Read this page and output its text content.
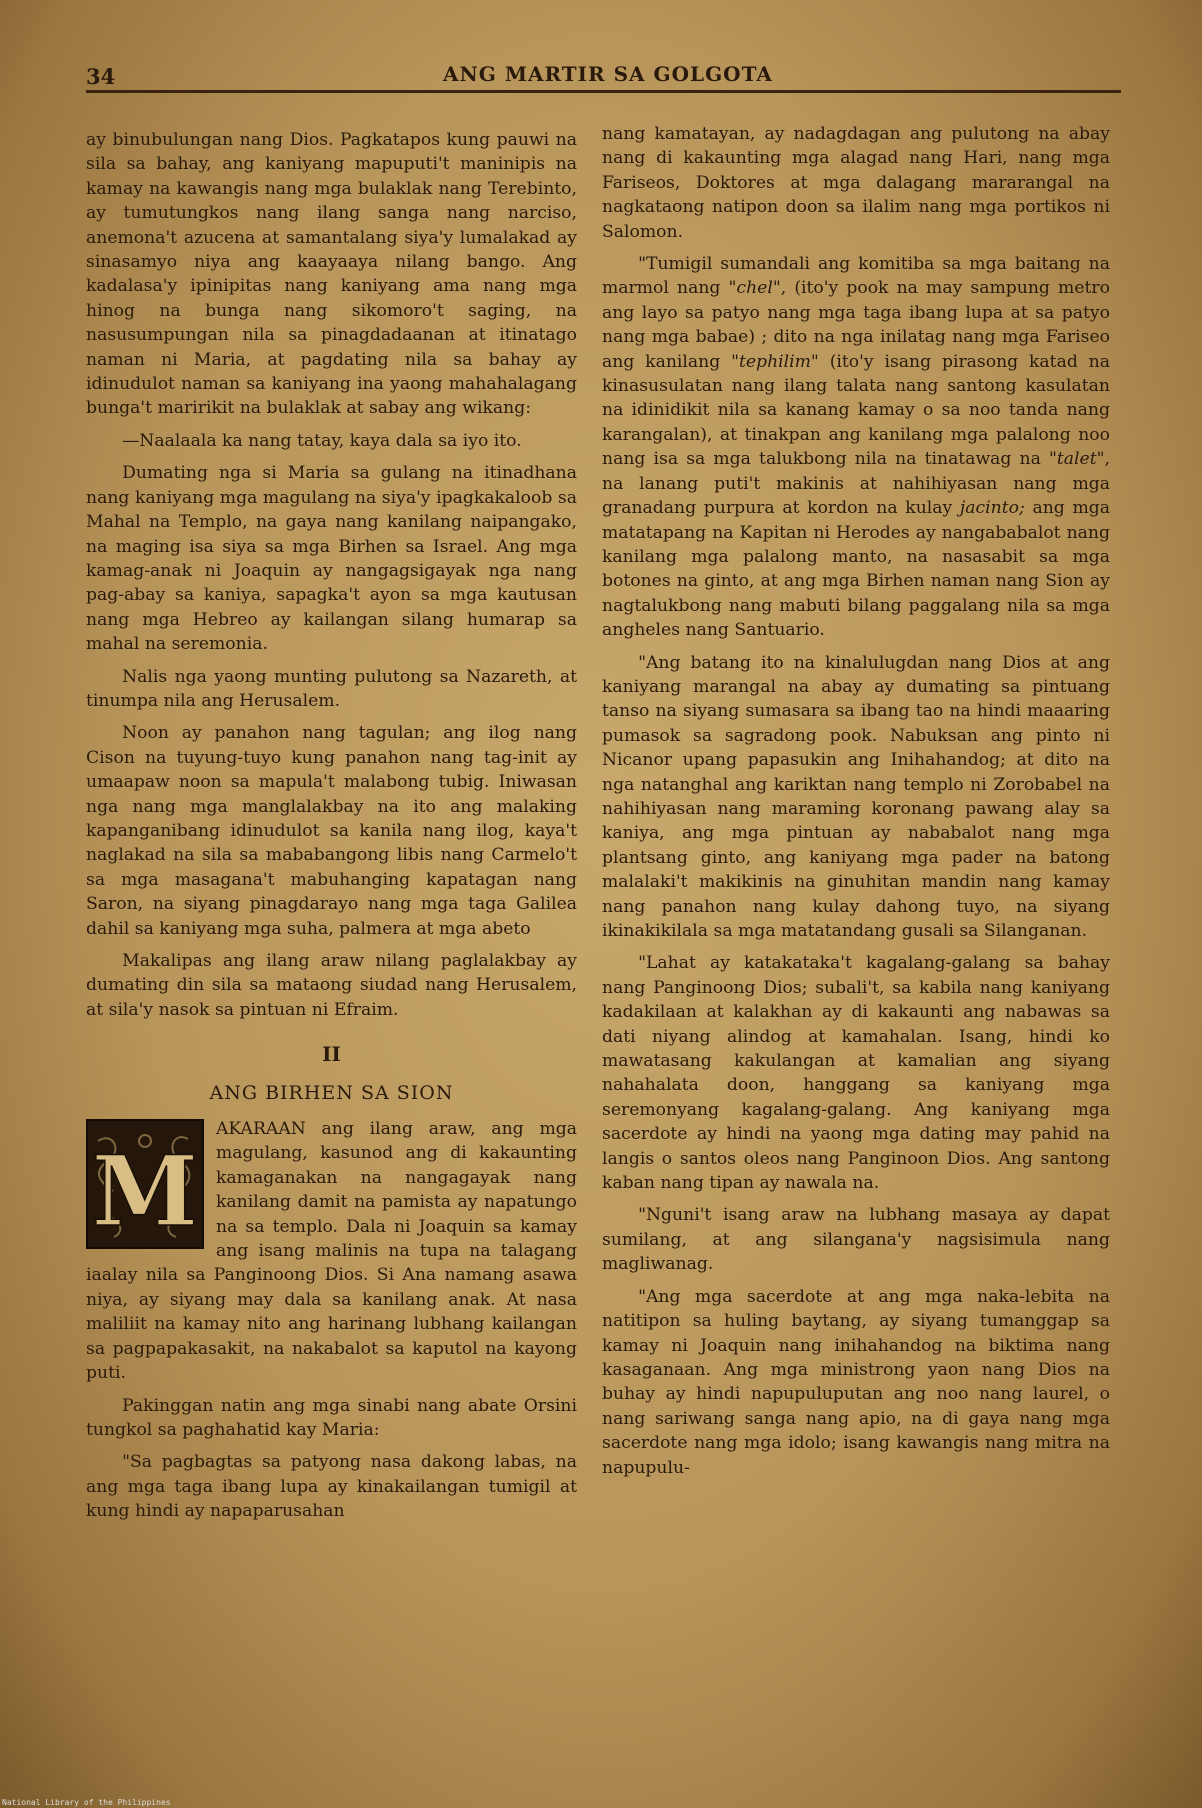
34	ANG MARTIR SA GOLGOTA

ay binubulungan nang Dios. Pagkatapos kung pauwi na sila sa bahay, ang kaniyang mapuputi't maninipis na kamay na kawangis nang mga bulaklak nang Terebinto, ay tumutungkos nang ilang sanga nang narciso, anemona't azucena at samantalang siya'y lumalakad ay sinasamyo niya ang kaayaaya nilang bango. Ang kadalasa'y ipinipitas nang kaniyang ama nang mga hinog na bunga nang sikomoro't saging, na nasusumpungan nila sa pinagdadaanan at itinatago naman ni Maria, at pagdating nila sa bahay ay idinudulot naman sa kaniyang ina yaong mahahalagang bunga't maririkit na bulaklak at sabay ang wikang:

—Naalaala ka nang tatay, kaya dala sa iyo ito.

Dumating nga si Maria sa gulang na itinadhana nang kaniyang mga magulang na siya'y ipagkakaloob sa Mahal na Templo, na gaya nang kanilang naipangako, na maging isa siya sa mga Birhen sa Israel. Ang mga kamag-anak ni Joaquin ay nangagsigayak nga nang pag-abay sa kaniya, sapagka't ayon sa mga kautusan nang mga Hebreo ay kailangan silang humarap sa mahal na seremonia.

Nalis nga yaong munting pulutong sa Nazareth, at tinumpa nila ang Herusalem.

Noon ay panahon nang tagulan; ang ilog nang Cison na tuyung-tuyo kung panahon nang tag-init ay umaapaw noon sa mapula't malabong tubig. Iniwasan nga nang mga manglalakbay na ito ang malaking kapanganibang idinudulot sa kanila nang ilog, kaya't naglakad na sila sa mababangong libis nang Carmelo't sa mga masagana't mabuhanging kapatagan nang Saron, na siyang pinagdarayo nang mga taga Galilea dahil sa kaniyang mga suha, palmera at mga abeto

Makalipas ang ilang araw nilang paglalakbay ay dumating din sila sa mataong siudad nang Herusalem, at sila'y nasok sa pintuan ni Efraim.

II
ANG BIRHEN SA SION
M

AKARAAN ang ilang araw, ang mga magulang, kasunod ang di kakaunting kamaganakan na nangagayak nang kanilang damit na pamista ay napatungo na sa templo. Dala ni Joaquin sa kamay ang isang malinis na tupa na talagang iaalay nila sa Panginoong Dios. Si Ana namang asawa niya, ay siyang may dala sa kanilang anak. At nasa maliliit na kamay nito ang harinang lubhang kailangan sa pagpapakasakit, na nakabalot sa kaputol na kayong puti.

Pakinggan natin ang mga sinabi nang abate Orsini tungkol sa paghahatid kay Maria:

"Sa pagbagtas sa patyong nasa dakong labas, na ang mga taga ibang lupa ay kinakailangan tumigil at kung hindi ay napaparusahan

nang kamatayan, ay nadagdagan ang pulutong na abay nang di kakaunting mga alagad nang Hari, nang mga Fariseos, Doktores at mga dalagang mararangal na nagkataong natipon doon sa ilalim nang mga portikos ni Salomon.

"Tumigil sumandali ang komitiba sa mga baitang na marmol nang "chel", (ito'y pook na may sampung metro ang layo sa patyo nang mga taga ibang lupa at sa patyo nang mga babae) ; dito na nga inilatag nang mga Fariseo ang kanilang "tephilim" (ito'y isang pirasong katad na kinasusulatan nang ilang talata nang santong kasulatan na idinidikit nila sa kanang kamay o sa noo tanda nang karangalan), at tinakpan ang kanilang mga palalong noo nang isa sa mga talukbong nila na tinatawag na "talet", na lanang puti't makinis at nahihiyasan nang mga granadang purpura at kordon na kulay jacinto; ang mga matatapang na Kapitan ni Herodes ay nangababalot nang kanilang mga palalong manto, na nasasabit sa mga botones na ginto, at ang mga Birhen naman nang Sion ay nagtalukbong nang mabuti bilang paggalang nila sa mga angheles nang Santuario.

"Ang batang ito na kinalulugdan nang Dios at ang kaniyang marangal na abay ay dumating sa pintuang tanso na siyang sumasara sa ibang tao na hindi maaaring pumasok sa sagradong pook. Nabuksan ang pinto ni Nicanor upang papasukin ang Inihahandog; at dito na nga natanghal ang kariktan nang templo ni Zorobabel na nahihiyasan nang maraming koronang pawang alay sa kaniya, ang mga pintuan ay nababalot nang mga plantsang ginto, ang kaniyang mga pader na batong malalaki't makikinis na ginuhitan mandin nang kamay nang panahon nang kulay dahong tuyo, na siyang ikinakikilala sa mga matatandang gusali sa Silanganan.

"Lahat ay katakataka't kagalang-galang sa bahay nang Panginoong Dios; subali't, sa kabila nang kaniyang kadakilaan at kalakhan ay di kakaunti ang nabawas sa dati niyang alindog at kamahalan. Isang, hindi ko mawatasang kakulangan at kamalian ang siyang nahahalata doon, hanggang sa kaniyang mga seremonyang kagalang-galang. Ang kaniyang mga sacerdote ay hindi na yaong mga dating may pahid na langis o santos oleos nang Panginoon Dios. Ang santong kaban nang tipan ay nawala na.

"Nguni't isang araw na lubhang masaya ay dapat sumilang, at ang silangana'y nagsisimula nang magliwanag.

"Ang mga sacerdote at ang mga naka-lebita na natitipon sa huling baytang, ay siyang tumanggap sa kamay ni Joaquin nang inihahandog na biktima nang kasaganaan. Ang mga ministrong yaon nang Dios na buhay ay hindi napupuluputan ang noo nang laurel, o nang sariwang sanga nang apio, na di gaya nang mga sacerdote nang mga idolo; isang kawangis nang mitra na napupulu-

National Library of the Philippines
